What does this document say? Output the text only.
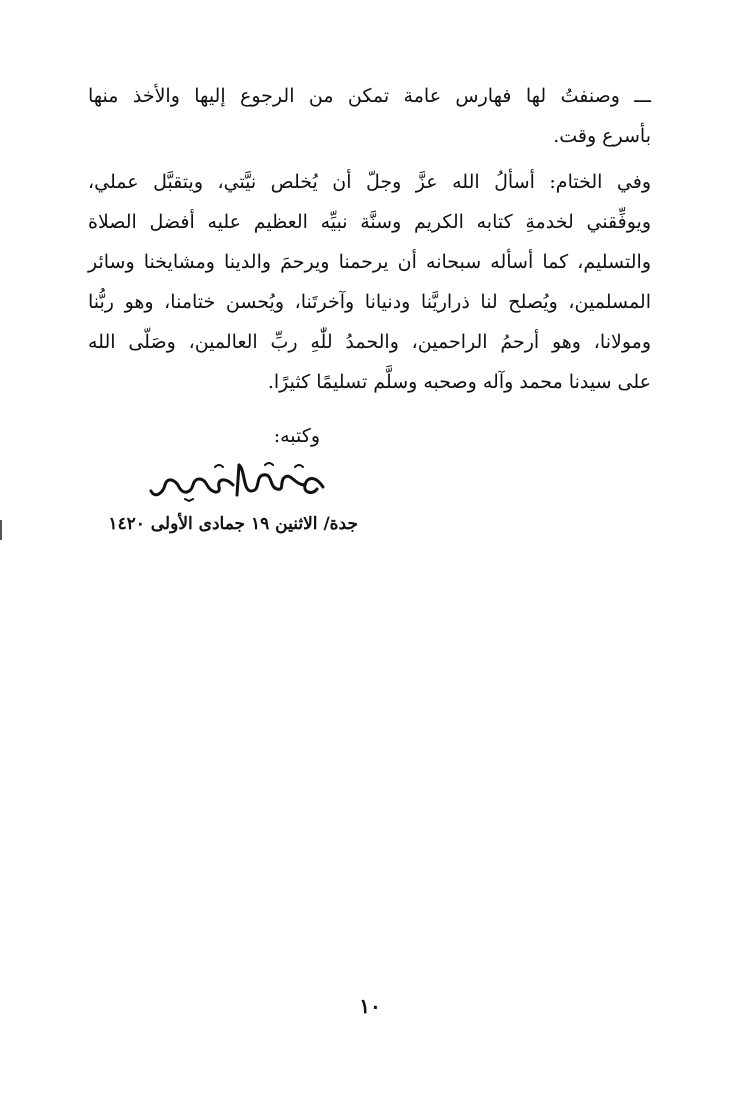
ـــ وصنفتُ لها فهارس عامة تمكن من الرجوع إليها والأخذ منها
بأسرع وقت.
وفي الختام: أسألُ الله عزَّ وجلّ أن يُخلص نيَّتي، ويتقبَّل عملي،
ويوفِّقني لخدمةِ كتابه الكريم وسنَّة نبيِّه العظيم عليه أفضل الصلاة
والتسليم، كما أسأله سبحانه أن يرحمنا ويرحمَ والدينا ومشايخنا وسائر
المسلمين، ويُصلح لنا ذراريَّنا ودنيانا وآخرتَنا، ويُحسن ختامنا، وهو ربُّنا
ومولانا، وهو أرحمُ الراحمين، والحمدُ للّٰهِ ربِّ العالمين، وصَلّى الله
على سيدنا محمد وآله وصحبه وسلَّم تسليمًا كثيرًا.
وكتبه:
جدة/ الاثنين ١٩ جمادى الأولى ١٤٢٠
١٠
